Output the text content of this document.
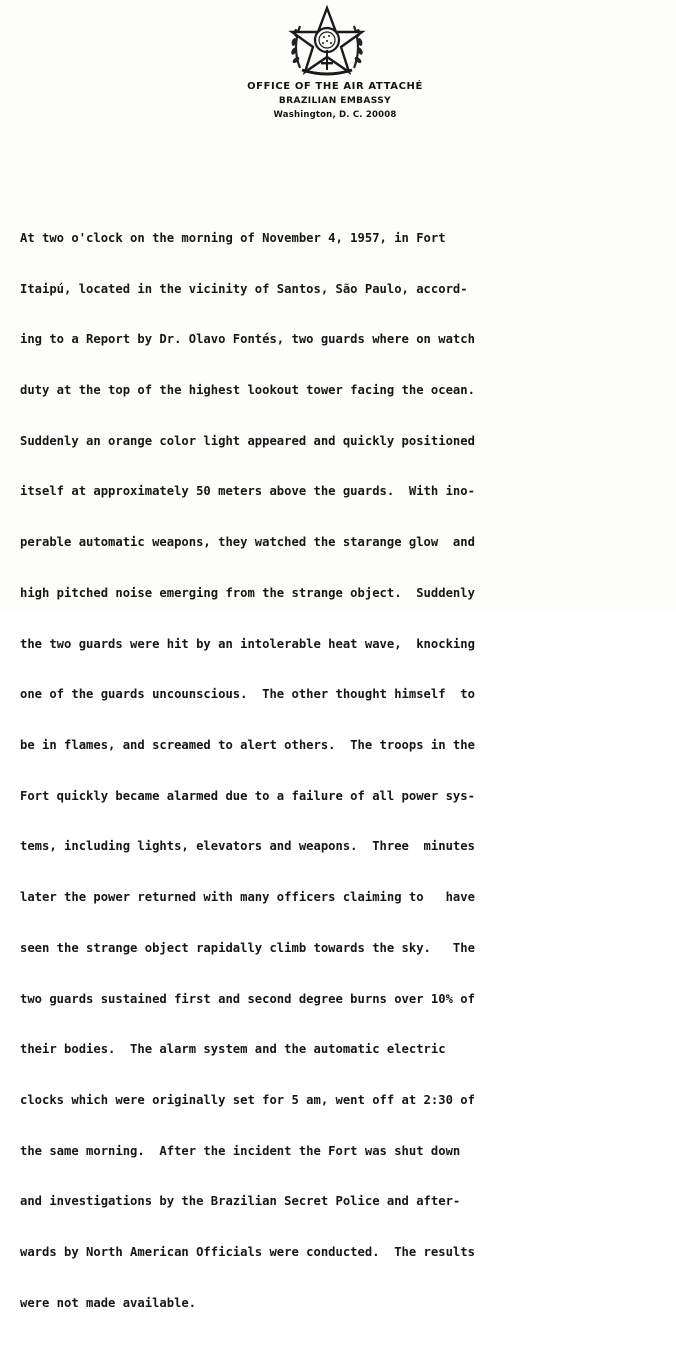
OFFICE OF THE AIR ATTACHÉ
BRAZILIAN EMBASSY
Washington, D. C. 20008

At two o'clock on the morning of November 4, 1957, in Fort

Itaipú, located in the vicinity of Santos, São Paulo, accord-

ing to a Report by Dr. Olavo Fontés, two guards where on watch

duty at the top of the highest lookout tower facing the ocean.

Suddenly an orange color light appeared and quickly positioned

itself at approximately 50 meters above the guards.  With ino-

perable automatic weapons, they watched the starange glow  and

high pitched noise emerging from the strange object.  Suddenly

the two guards were hit by an intolerable heat wave,  knocking

one of the guards uncounscious.  The other thought himself  to

be in flames, and screamed to alert others.  The troops in the

Fort quickly became alarmed due to a failure of all power sys-

tems, including lights, elevators and weapons.  Three  minutes

later the power returned with many officers claiming to   have

seen the strange object rapidally climb towards the sky.   The

two guards sustained first and second degree burns over 10% of

their bodies.  The alarm system and the automatic electric

clocks which were originally set for 5 am, went off at 2:30 of

the same morning.  After the incident the Fort was shut down

and investigations by the Brazilian Secret Police and after-

wards by North American Officials were conducted.  The results

were not made available.
